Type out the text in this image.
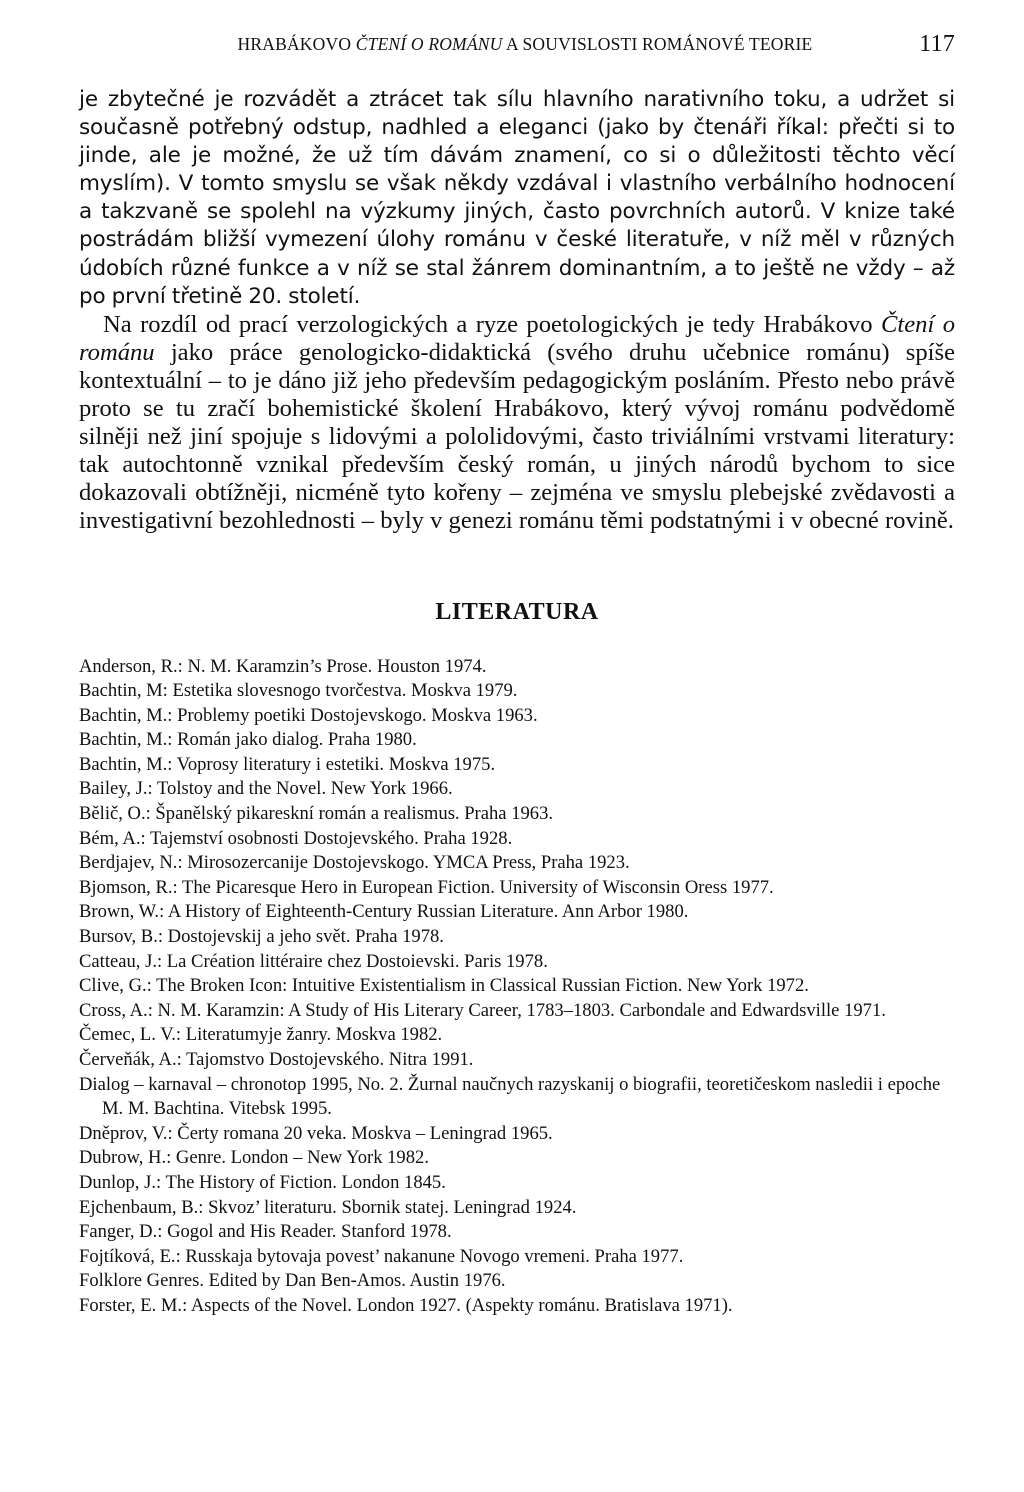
HRABÁKOVO ČTENÍ O ROMÁNU A SOUVISLOSTI ROMÁNOVÉ TEORIE	117

je zbytečné je rozvádět a ztrácet tak sílu hlavního narativního toku, a udržet si současně potřebný odstup, nadhled a eleganci (jako by čtenáři říkal: přečti si to jinde, ale je možné, že už tím dávám znamení, co si o důležitosti těchto věcí myslím). V tomto smyslu se však někdy vzdával i vlastního verbálního hodnocení a takzvaně se spolehl na výzkumy jiných, často povrchních autorů. V knize také postrádám bližší vymezení úlohy románu v české literatuře, v níž měl v různých údobích různé funkce a v níž se stal žánrem dominantním, a to ještě ne vždy – až po první třetině 20. století.

Na rozdíl od prací verzologických a ryze poetologických je tedy Hrabákovo Čtení o románu jako práce genologicko-didaktická (svého druhu učebnice románu) spíše kontextuální – to je dáno již jeho především pedagogickým posláním. Přesto nebo právě proto se tu zračí bohemistické školení Hrabákovo, který vývoj románu podvědomě silněji než jiní spojuje s lidovými a pololidovými, často triviálními vrstvami literatury: tak autochtonně vznikal především český román, u jiných národů bychom to sice dokazovali obtížněji, nicméně tyto kořeny – zejména ve smyslu plebejské zvědavosti a investigativní bezohlednosti – byly v genezi románu těmi podstatnými i v obecné rovině.

LITERATURA
Anderson, R.: N. M. Karamzin’s Prose. Houston 1974.
Bachtin, M: Estetika slovesnogo tvorčestva. Moskva 1979.
Bachtin, M.: Problemy poetiki Dostojevskogo. Moskva 1963.
Bachtin, M.: Román jako dialog. Praha 1980.
Bachtin, M.: Voprosy literatury i estetiki. Moskva 1975.
Bailey, J.: Tolstoy and the Novel. New York 1966.
Bělič, O.: Španělský pikareskní román a realismus. Praha 1963.
Bém, A.: Tajemství osobnosti Dostojevského. Praha 1928.
Berdjajev, N.: Mirosozercanije Dostojevskogo. YMCA Press, Praha 1923.
Bjomson, R.: The Picaresque Hero in European Fiction. University of Wisconsin Oress 1977.
Brown, W.: A History of Eighteenth-Century Russian Literature. Ann Arbor 1980.
Bursov, B.: Dostojevskij a jeho svět. Praha 1978.
Catteau, J.: La Création littéraire chez Dostoievski. Paris 1978.
Clive, G.: The Broken Icon: Intuitive Existentialism in Classical Russian Fiction. New York 1972.
Cross, A.: N. M. Karamzin: A Study of His Literary Career, 1783–1803. Carbondale and Edwardsville 1971.
Čemec, L. V.: Literatumyje žanry. Moskva 1982.
Červeňák, A.: Tajomstvo Dostojevského. Nitra 1991.
Dialog – karnaval – chronotop 1995, No. 2. Žurnal naučnych razyskanij o biografii, teoretičeskom nasledii i epoche M. M. Bachtina. Vitebsk 1995.
Dněprov, V.: Čerty romana 20 veka. Moskva – Leningrad 1965.
Dubrow, H.: Genre. London – New York 1982.
Dunlop, J.: The History of Fiction. London 1845.
Ejchenbaum, B.: Skvoz’ literaturu. Sbornik statej. Leningrad 1924.
Fanger, D.: Gogol and His Reader. Stanford 1978.
Fojtíková, E.: Russkaja bytovaja povest’ nakanune Novogo vremeni. Praha 1977.
Folklore Genres. Edited by Dan Ben-Amos. Austin 1976.
Forster, E. M.: Aspects of the Novel. London 1927. (Aspekty románu. Bratislava 1971).
